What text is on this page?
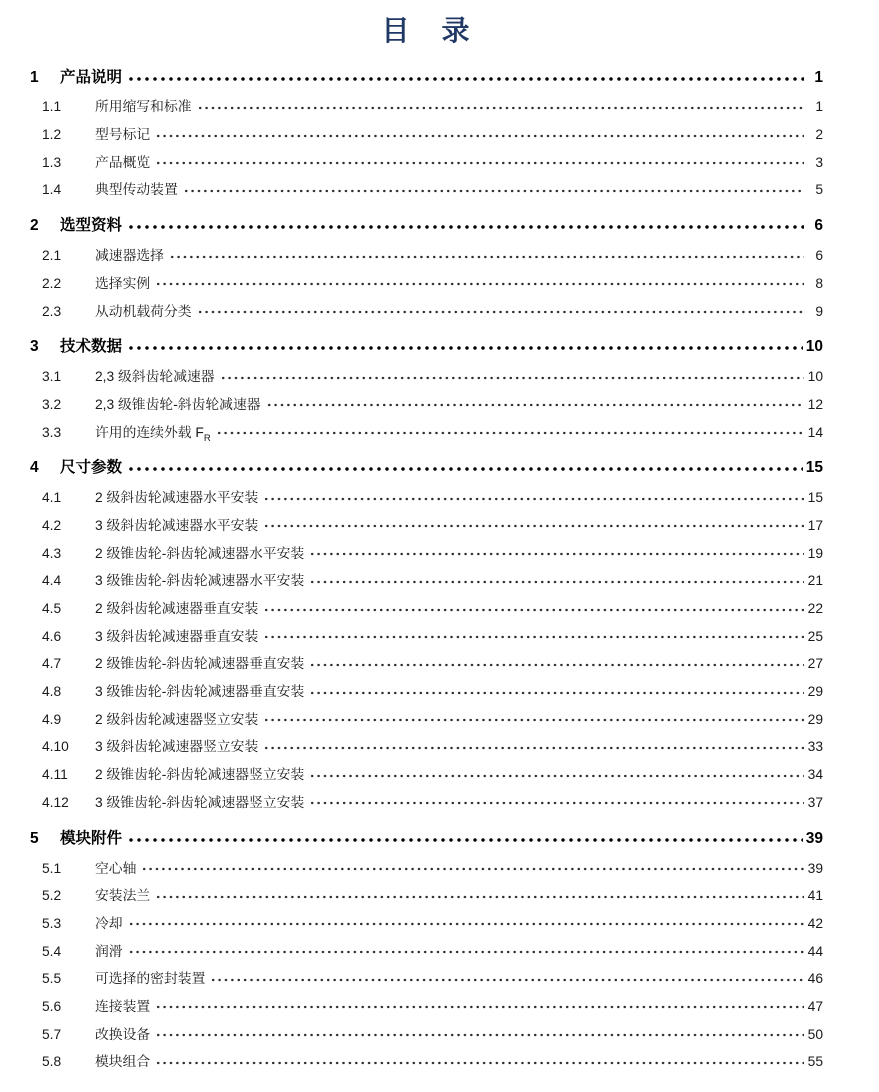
目　录
1	产品说明	1
1.1	所用缩写和标准	1
1.2	型号标记	2
1.3	产品概览	3
1.4	典型传动装置	5
2	选型资料	6
2.1	减速器选择	6
2.2	选择实例	8
2.3	从动机载荷分类	9
3	技术数据	10
3.1	2,3 级斜齿轮减速器	10
3.2	2,3 级锥齿轮-斜齿轮减速器	12
3.3	许用的连续外载 $F_R$	14
4	尺寸参数	15
4.1	2 级斜齿轮减速器水平安装	15
4.2	3 级斜齿轮减速器水平安装	17
4.3	2 级锥齿轮-斜齿轮减速器水平安装	19
4.4	3 级锥齿轮-斜齿轮减速器水平安装	21
4.5	2 级斜齿轮减速器垂直安装	22
4.6	3 级斜齿轮减速器垂直安装	25
4.7	2 级锥齿轮-斜齿轮减速器垂直安装	27
4.8	3 级锥齿轮-斜齿轮减速器垂直安装	29
4.9	2 级斜齿轮减速器竖立安装	29
4.10	3 级斜齿轮减速器竖立安装	33
4.11	2 级锥齿轮-斜齿轮减速器竖立安装	34
4.12	3 级锥齿轮-斜齿轮减速器竖立安装	37
5	模块附件	39
5.1	空心轴	39
5.2	安装法兰	41
5.3	冷却	42
5.4	润滑	44
5.5	可选择的密封装置	46
5.6	连接装置	47
5.7	改换设备	50
5.8	模块组合	55
